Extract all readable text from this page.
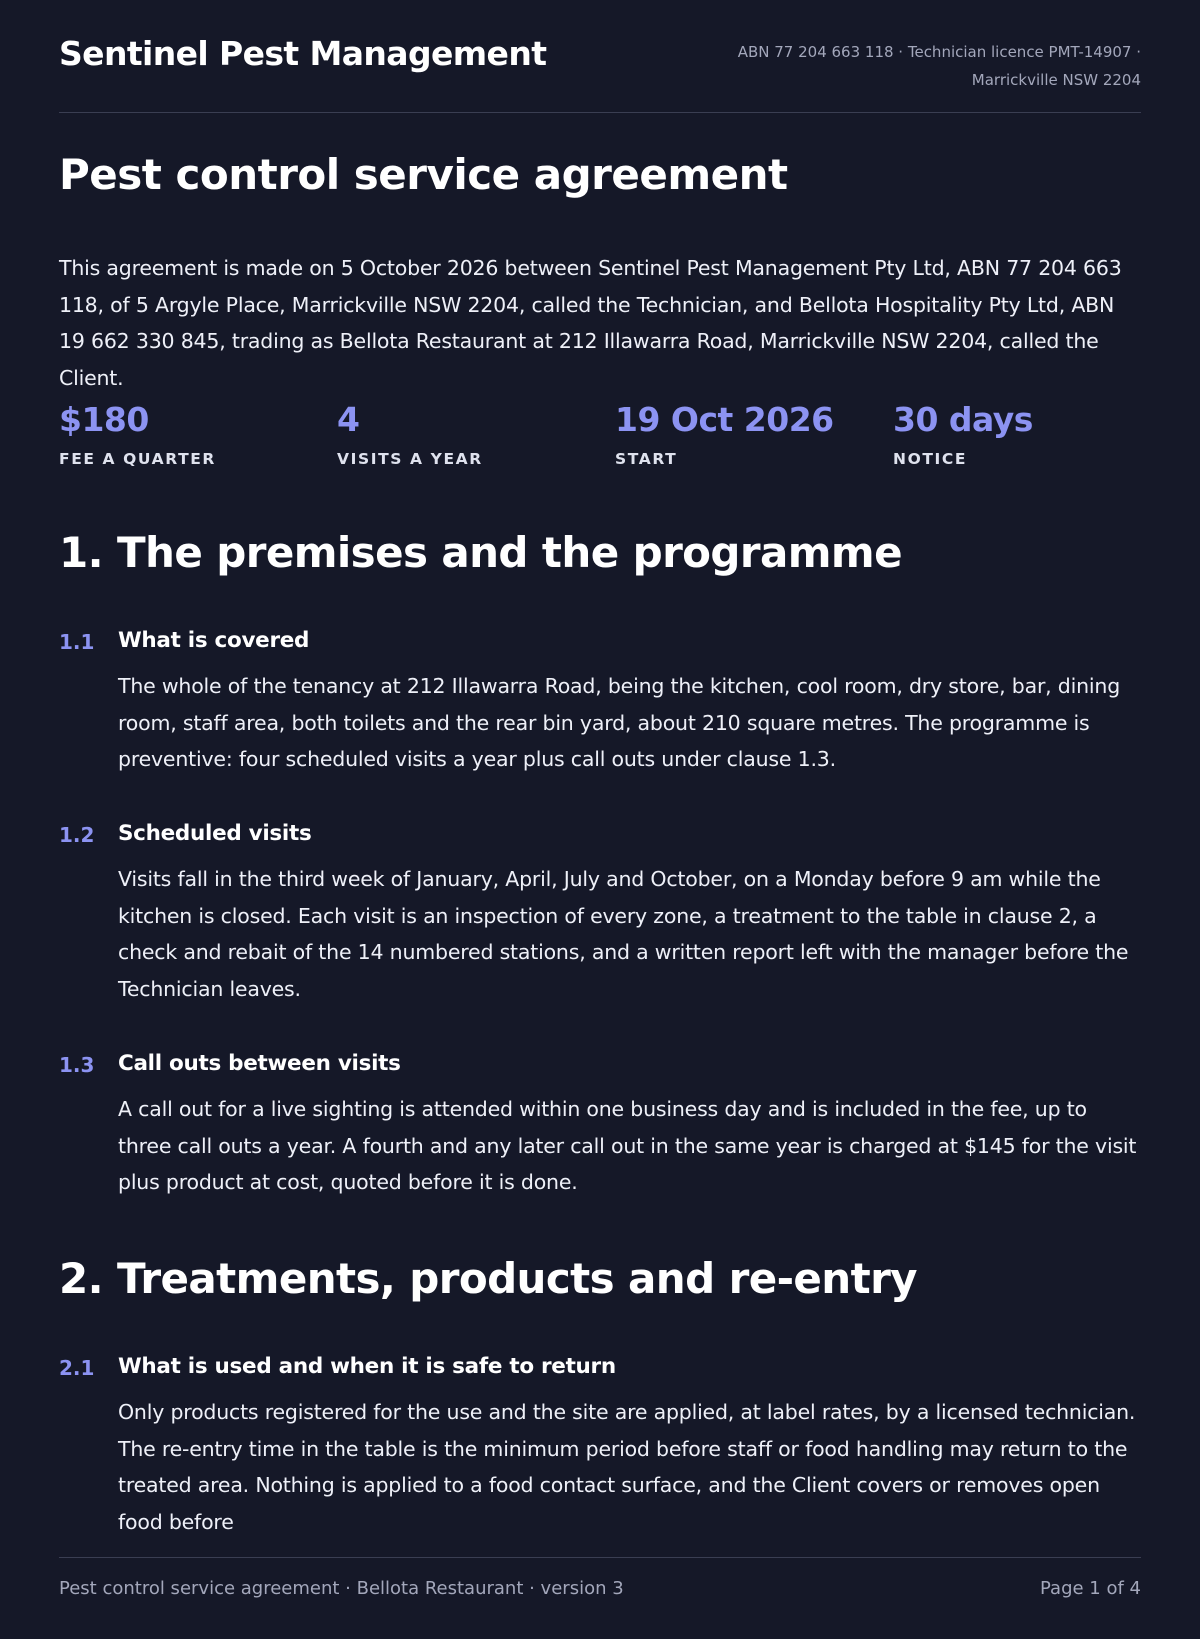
Sentinel Pest Management	ABN 77 204 663 118 · Technician licence PMT-14907 ·
Marrickville NSW 2204
Pest control service agreement

This agreement is made on 5 October 2026 between Sentinel Pest Management Pty Ltd, ABN 77 204 663 118, of 5 Argyle Place, Marrickville NSW 2204, called the Technician, and Bellota Hospitality Pty Ltd, ABN 19 662 330 845, trading as Bellota Restaurant at 212 Illawarra Road, Marrickville NSW 2204, called the Client.

$180
FEE A QUARTER
4
VISITS A YEAR
19 Oct 2026
START
30 days
NOTICE
1. The premises and the programme
1.1 What is covered

The whole of the tenancy at 212 Illawarra Road, being the kitchen, cool room, dry store, bar, dining room, staff area, both toilets and the rear bin yard, about 210 square metres. The programme is preventive: four scheduled visits a year plus call outs under clause 1.3.

1.2 Scheduled visits

Visits fall in the third week of January, April, July and October, on a Monday before 9 am while the kitchen is closed. Each visit is an inspection of every zone, a treatment to the table in clause 2, a check and rebait of the 14 numbered stations, and a written report left with the manager before the Technician leaves.

1.3 Call outs between visits

A call out for a live sighting is attended within one business day and is included in the fee, up to three call outs a year. A fourth and any later call out in the same year is charged at $145 for the visit plus product at cost, quoted before it is done.

2. Treatments, products and re-entry
2.1 What is used and when it is safe to return

Only products registered for the use and the site are applied, at label rates, by a licensed technician. The re-entry time in the table is the minimum period before staff or food handling may return to the treated area. Nothing is applied to a food contact surface, and the Client covers or removes open food before

Pest control service agreement · Bellota Restaurant · version 3	Page 1 of 4
